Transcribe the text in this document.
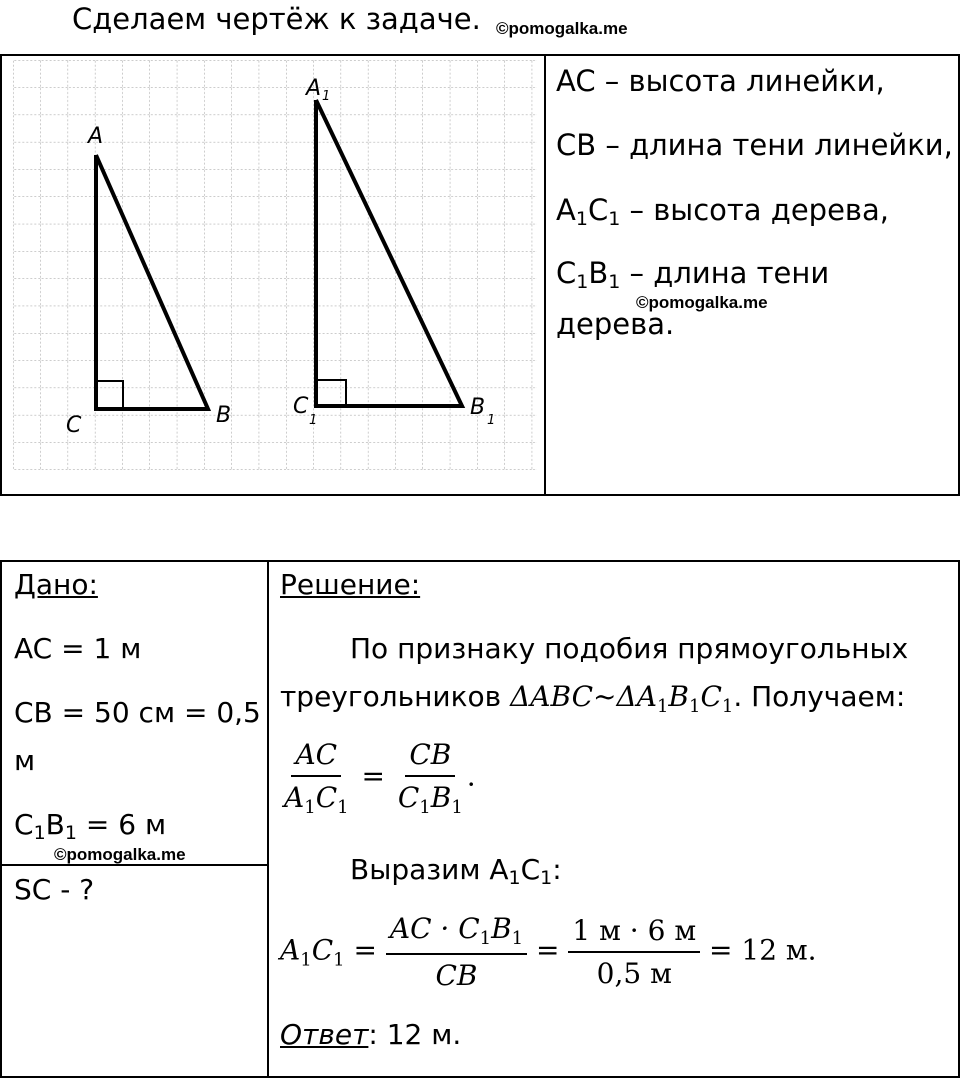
Сделаем чертёж к задаче. ©pomogalka.me
A
C	B
A 1
C
1
B
1
AC – высота линейки,
CB – длина тени линейки,
$A_1C_1$ – высота дерева,
$C_1B_1$ – длина тени
дерева.
©pomogalka.me
Дано:
AC = 1 м
CB = 50 см = 0,5
м
$C_1B_1 = 6$ м
©pomogalka.me
SC - ?
Решение:
По признаку подобия прямоугольных
треугольников $\Delta ABC\sim\Delta A_1B_1C_1$. Получаем:
$\frac{AC}{A_1C_1} = \frac{CB}{C_1B_1}$ .
Выразим $A_1C_1$:
$A_1C_1 = \frac{AC \cdot C_1B_1}{CB} = \frac{1 м \cdot 6 м}{0,5 м} = 12$ м.
Ответ: 12 м.
